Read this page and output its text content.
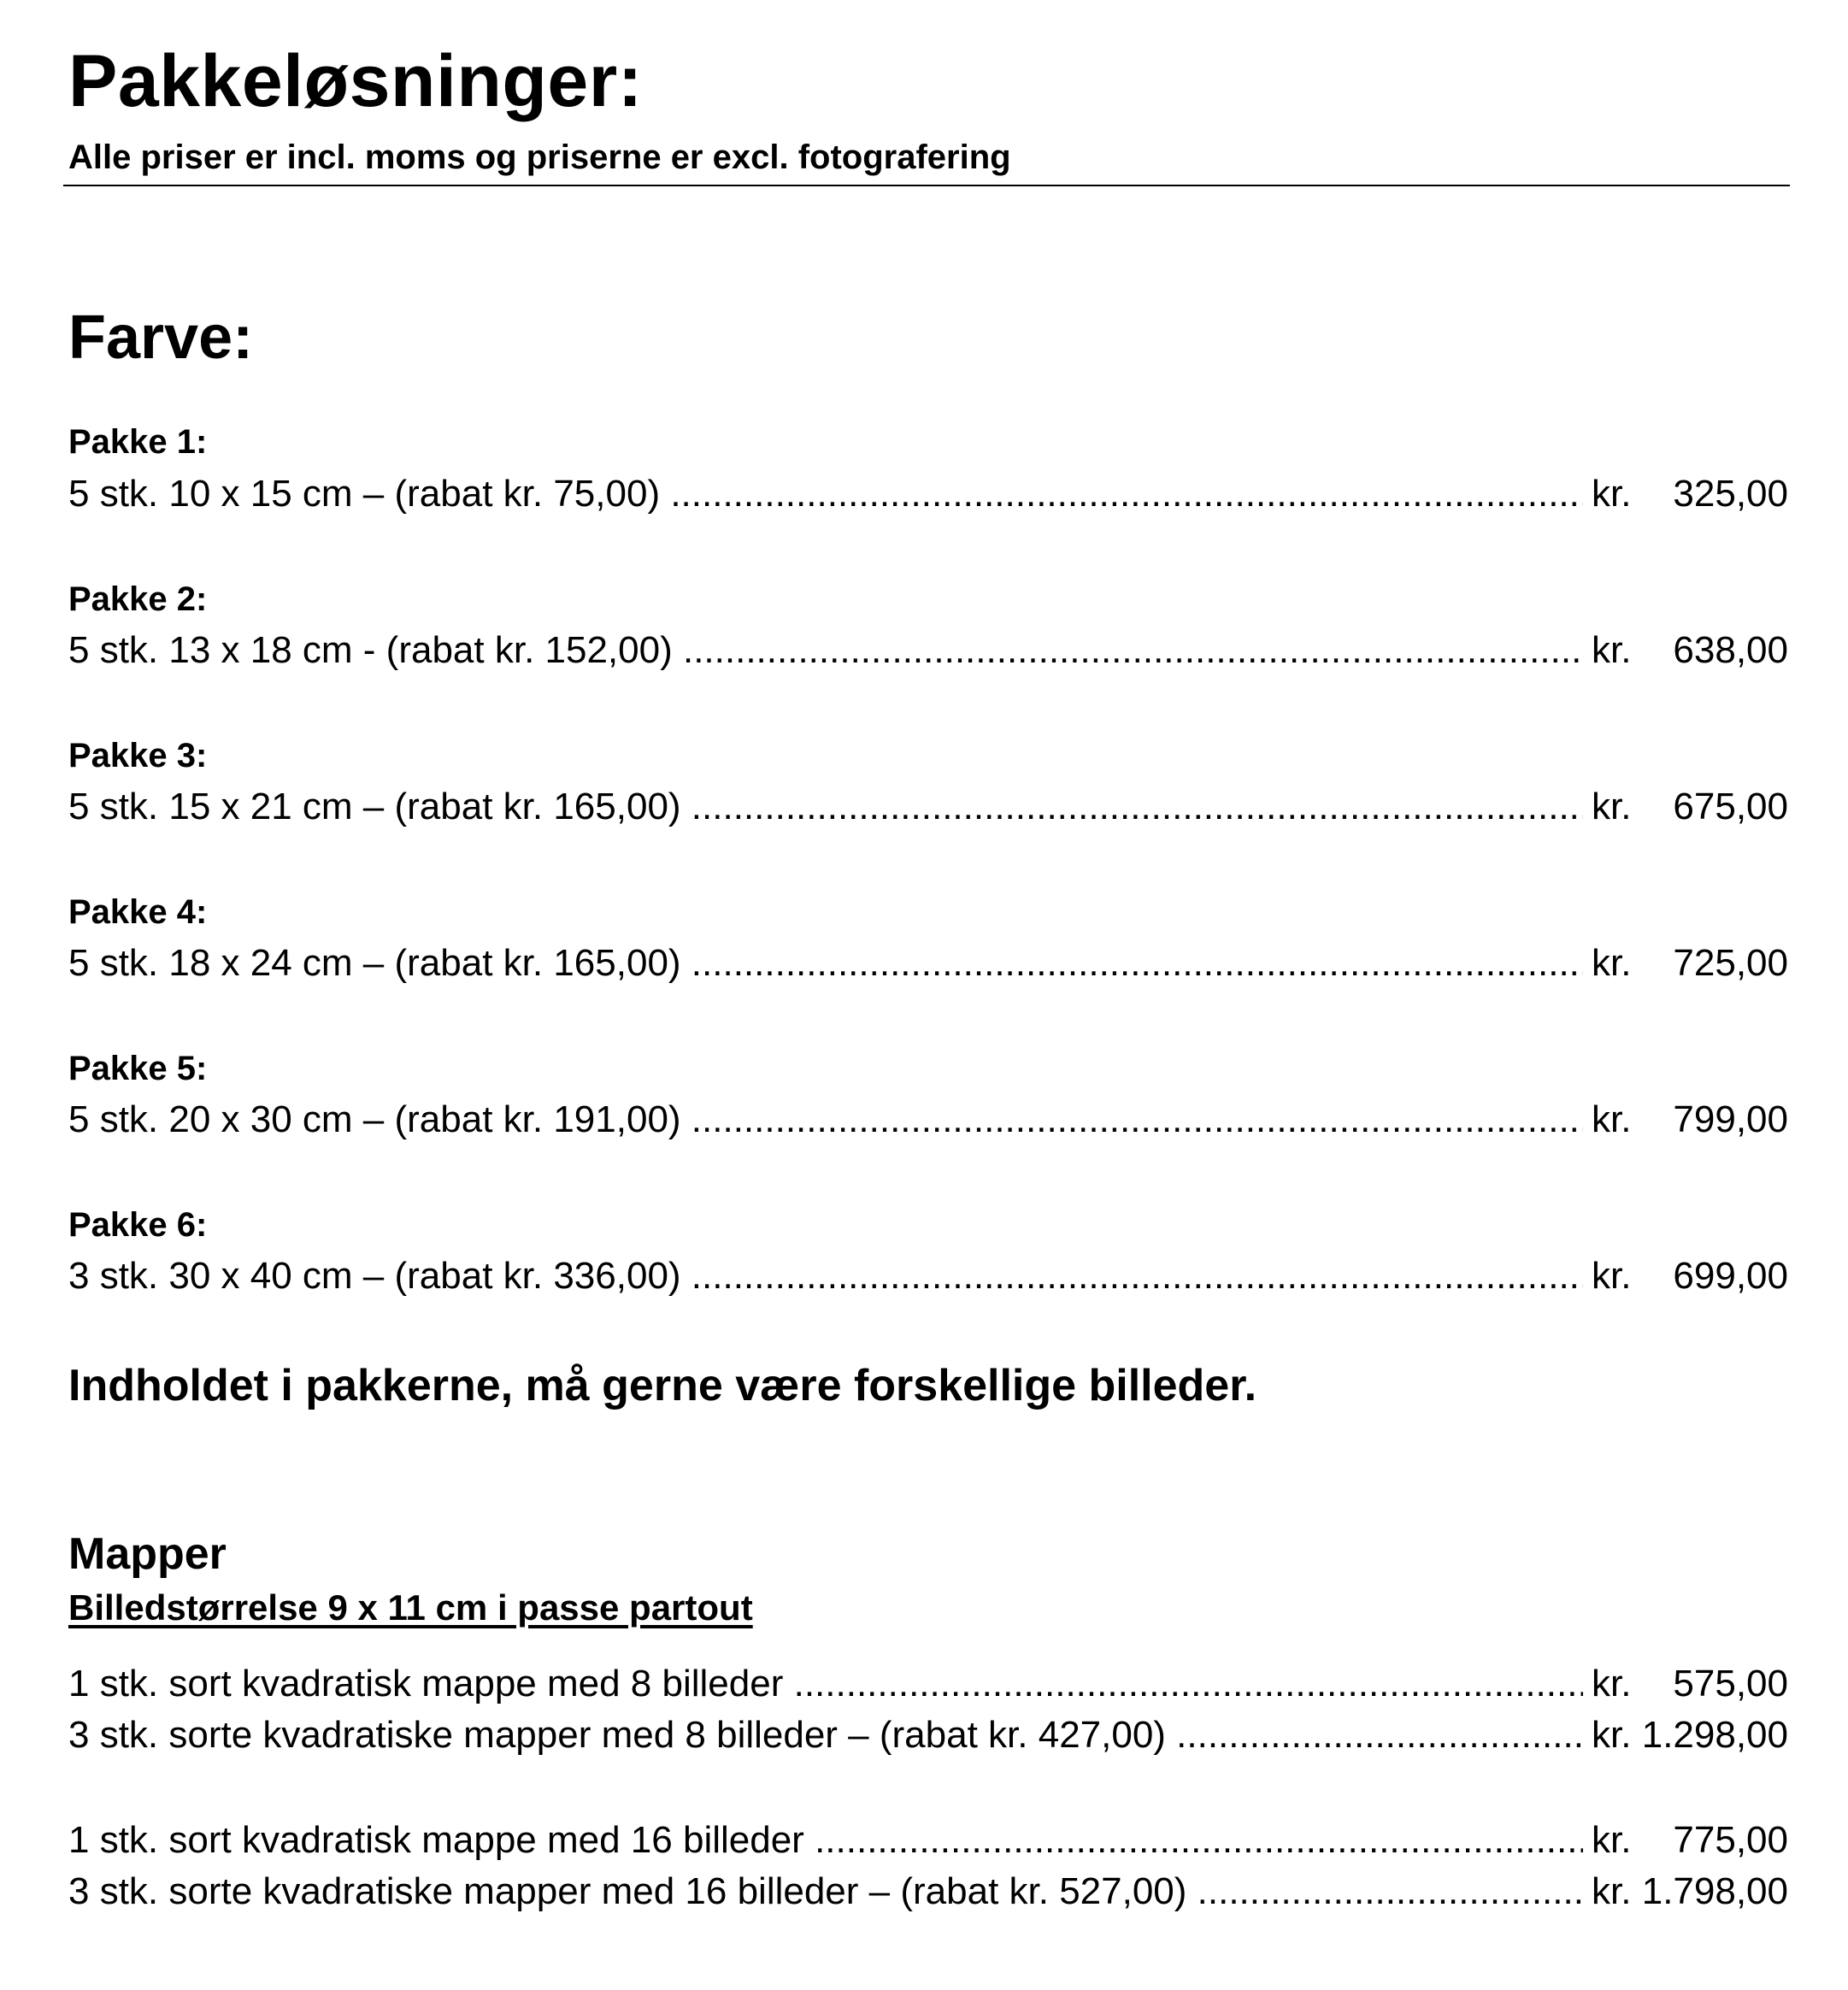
Pakkeløsninger:
Alle priser er incl. moms og priserne er excl. fotografering
Farve:
Pakke 1:
5 stk. 10 x 15 cm – (rabat kr. 75,00) .....	kr.	325,00
Pakke 2:
5 stk. 13 x 18 cm - (rabat kr. 152,00) .....	kr.	638,00
Pakke 3:
5 stk. 15 x 21 cm – (rabat kr. 165,00) .....	kr.	675,00
Pakke 4:
5 stk. 18 x 24 cm – (rabat kr. 165,00) .....	kr.	725,00
Pakke 5:
5 stk. 20 x 30 cm – (rabat kr. 191,00) .....	kr.	799,00
Pakke 6:
3 stk. 30 x 40 cm – (rabat kr. 336,00) .....	kr.	699,00
Indholdet i pakkerne, må gerne være forskellige billeder.
Mapper
Billedstørrelse 9 x 11 cm i passe partout
1 stk. sort kvadratisk mappe med 8 billeder .....	kr.	575,00
3 stk. sorte kvadratiske mapper med 8 billeder – (rabat kr. 427,00) .....	kr. 1.298,00
1 stk. sort kvadratisk mappe med 16 billeder .....	kr.	775,00
3 stk. sorte kvadratiske mapper med 16 billeder – (rabat kr. 527,00) .....	kr. 1.798,00
